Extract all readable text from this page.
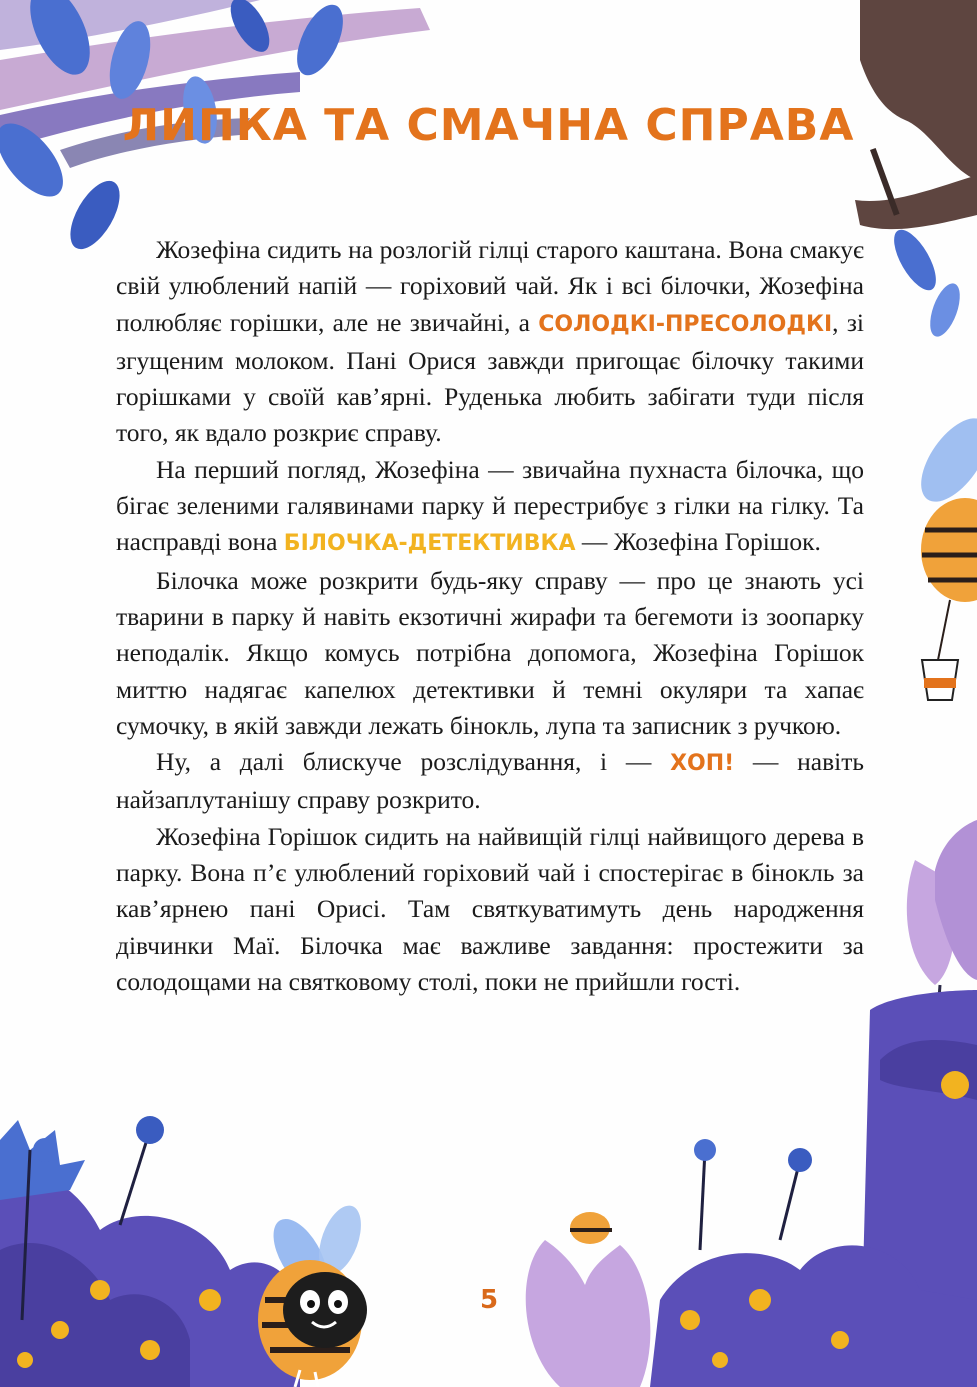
ЛИПКА ТА СМАЧНА СПРАВА

Жозефіна сидить на розлогій гілці старого каштана. Вона смакує свій улюблений напій — горіховий чай. Як і всі білочки, Жозефіна полюбляє горішки, але не звичайні, а СОЛОДКІ-ПРЕСОЛОДКІ, зі згущеним молоком. Пані Орися завжди пригощає білочку такими горішками у своїй кав’ярні. Руденька любить забігати туди після того, як вдало розкриє справу.

На перший погляд, Жозефіна — звичайна пухнаста білочка, що бігає зеленими галявинами парку й перестрибує з гілки на гілку. Та насправді вона БІЛОЧКА-ДЕТЕКТИВКА — Жозефіна Горішок.

Білочка може розкрити будь-яку справу — про це знають усі тварини в парку й навіть екзотичні жирафи та бегемоти із зоопарку неподалік. Якщо комусь потрібна допомога, Жозефіна Горішок миттю надягає капелюх детективки й темні окуляри та хапає сумочку, в якій завжди лежать бінокль, лупа та записник з ручкою.

Ну, а далі блискуче розслідування, і — ХОП! — навіть найзаплутанішу справу розкрито.

Жозефіна Горішок сидить на найвищій гілці найвищого дерева в парку. Вона п’є улюблений горіховий чай і спостерігає в бінокль за кав’ярнею пані Орисі. Там святкуватимуть день народження дівчинки Маї. Білочка має важливе завдання: простежити за солодощами на святковому столі, поки не прийшли гості.

5
